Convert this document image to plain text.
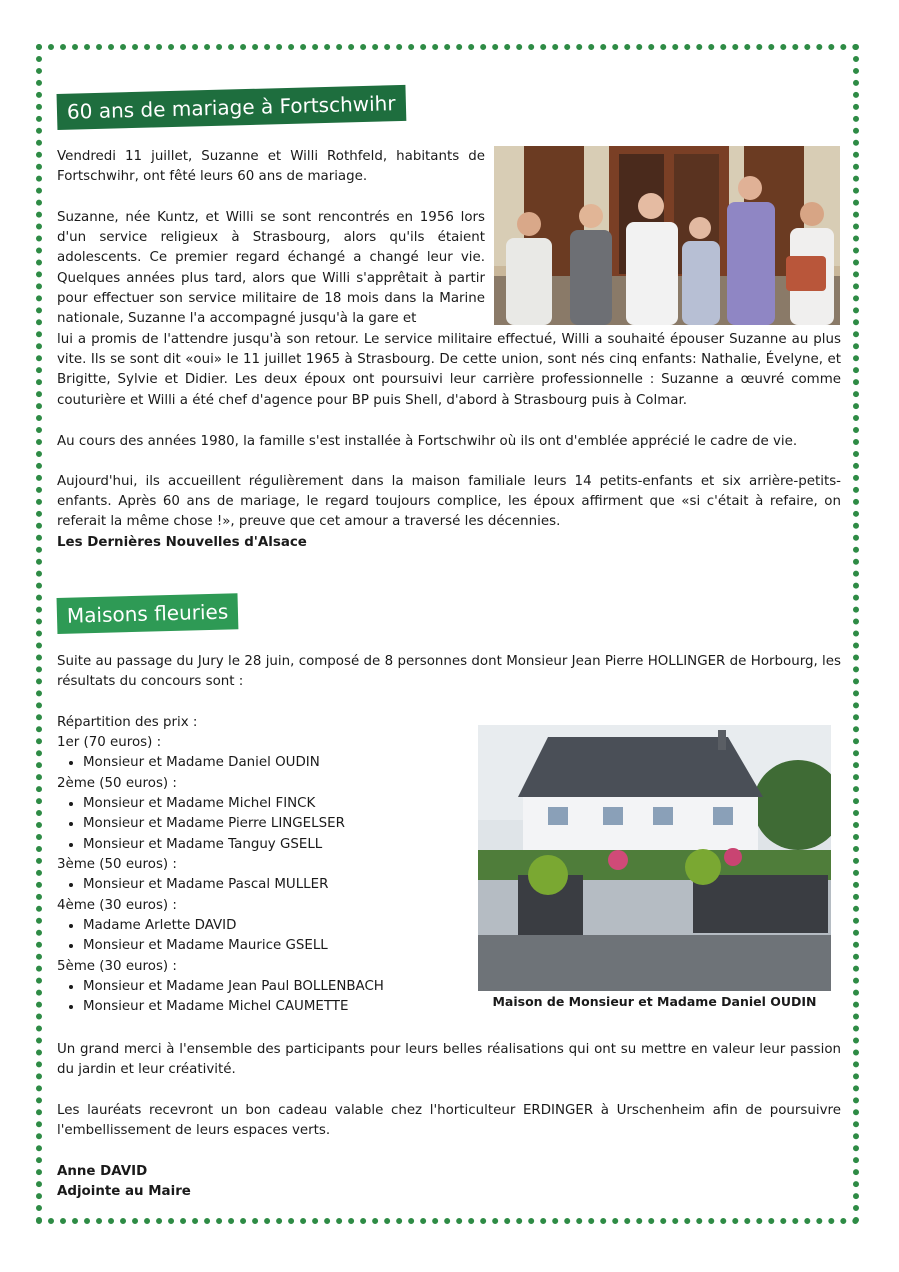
60 ans de mariage à Fortschwihr

Vendredi 11 juillet, Suzanne et Willi Rothfeld, habitants de Fortschwihr, ont fêté leurs 60 ans de mariage.

Suzanne, née Kuntz, et Willi se sont rencontrés en 1956 lors d'un service religieux à Strasbourg, alors qu'ils étaient adolescents. Ce premier regard échangé a changé leur vie. Quelques années plus tard, alors que Willi s'apprêtait à partir pour effectuer son service militaire de 18 mois dans la Marine nationale, Suzanne l'a accompagné jusqu'à la gare et

lui a promis de l'attendre jusqu'à son retour. Le service militaire effectué, Willi a souhaité épouser Suzanne au plus vite. Ils se sont dit «oui» le 11 juillet 1965 à Strasbourg. De cette union, sont nés cinq enfants: Nathalie, Évelyne, et Brigitte, Sylvie et Didier. Les deux époux ont poursuivi leur carrière professionnelle : Suzanne a œuvré comme couturière et Willi a été chef d'agence pour BP puis Shell, d'abord à Strasbourg puis à Colmar.

Au cours des années 1980, la famille s'est installée à Fortschwihr où ils ont d'emblée apprécié le cadre de vie.

Aujourd'hui, ils accueillent régulièrement dans la maison familiale leurs 14 petits-enfants et six arrière-petits-enfants. Après 60 ans de mariage, le regard toujours complice, les époux affirment que «si c'était à refaire, on referait la même chose !», preuve que cet amour a traversé les décennies.

Les Dernières Nouvelles d'Alsace

Maisons fleuries

Suite au passage du Jury le 28 juin, composé de 8 personnes dont Monsieur Jean Pierre HOLLINGER de Horbourg, les résultats du concours sont :

Répartition des prix :

1er (70 euros) :

• Monsieur et Madame Daniel OUDIN

2ème (50 euros) :

• Monsieur et Madame Michel FINCK
• Monsieur et Madame Pierre LINGELSER
• Monsieur et Madame Tanguy GSELL

3ème (50 euros) :

• Monsieur et Madame Pascal MULLER

4ème (30 euros) :

• Madame Arlette DAVID
• Monsieur et Madame Maurice GSELL

5ème (30 euros) :

• Monsieur et Madame Jean Paul BOLLENBACH
• Monsieur et Madame Michel CAUMETTE	Maison de Monsieur et Madame Daniel OUDIN

Un grand merci à l'ensemble des participants pour leurs belles réalisations qui ont su mettre en valeur leur passion du jardin et leur créativité.

Les lauréats recevront un bon cadeau valable chez l'horticulteur ERDINGER à Urschenheim afin de poursuivre l'embellissement de leurs espaces verts.

Anne DAVID

Adjointe au Maire
